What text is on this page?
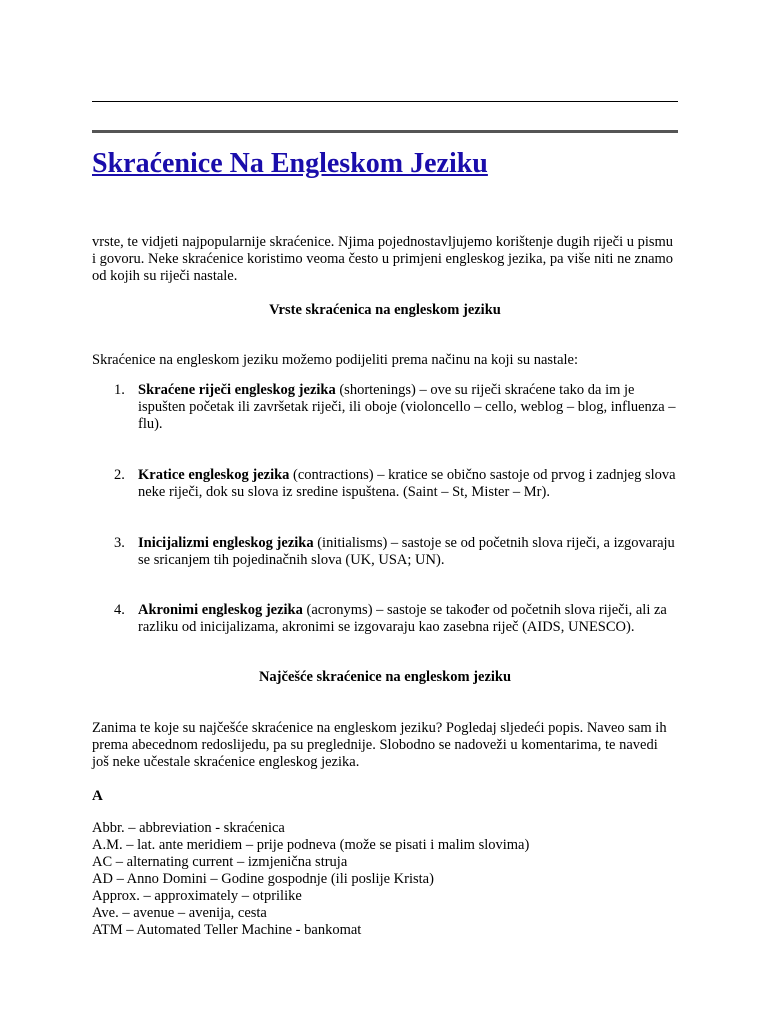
Skraćenice Na Engleskom Jeziku

vrste, te vidjeti najpopularnije skraćenice. Njima pojednostavljujemo korištenje dugih riječi u pismu i govoru. Neke skraćenice koristimo veoma često u primjeni engleskog jezika, pa više niti ne znamo od kojih su riječi nastale.

Vrste skraćenica na engleskom jeziku

Skraćenice na engleskom jeziku možemo podijeliti prema načinu na koji su nastale:

1. Skraćene riječi engleskog jezika (shortenings) – ove su riječi skraćene tako da im je ispušten početak ili završetak riječi, ili oboje (violoncello – cello, weblog – blog, influenza – flu).
2. Kratice engleskog jezika (contractions) – kratice se obično sastoje od prvog i zadnjeg slova neke riječi, dok su slova iz sredine ispuštena. (Saint – St, Mister – Mr).
3. Inicijalizmi engleskog jezika (initialisms) – sastoje se od početnih slova riječi, a izgovaraju se sricanjem tih pojedinačnih slova (UK, USA; UN).
4. Akronimi engleskog jezika (acronyms) – sastoje se također od početnih slova riječi, ali za razliku od inicijalizama, akronimi se izgovaraju kao zasebna riječ (AIDS, UNESCO).

Najčešće skraćenice na engleskom jeziku

Zanima te koje su najčešće skraćenice na engleskom jeziku? Pogledaj sljedeći popis. Naveo sam ih prema abecednom redoslijedu, pa su preglednije. Slobodno se nadoveži u komentarima, te navedi još neke učestale skraćenice engleskog jezika.

A
Abbr. – abbreviation - skraćenica
A.M. – lat. ante meridiem – prije podneva (može se pisati i malim slovima)
AC – alternating current – izmjenična struja
AD – Anno Domini – Godine gospodnje (ili poslije Krista)
Approx. – approximately – otprilike
Ave. – avenue – avenija, cesta
ATM – Automated Teller Machine - bankomat
